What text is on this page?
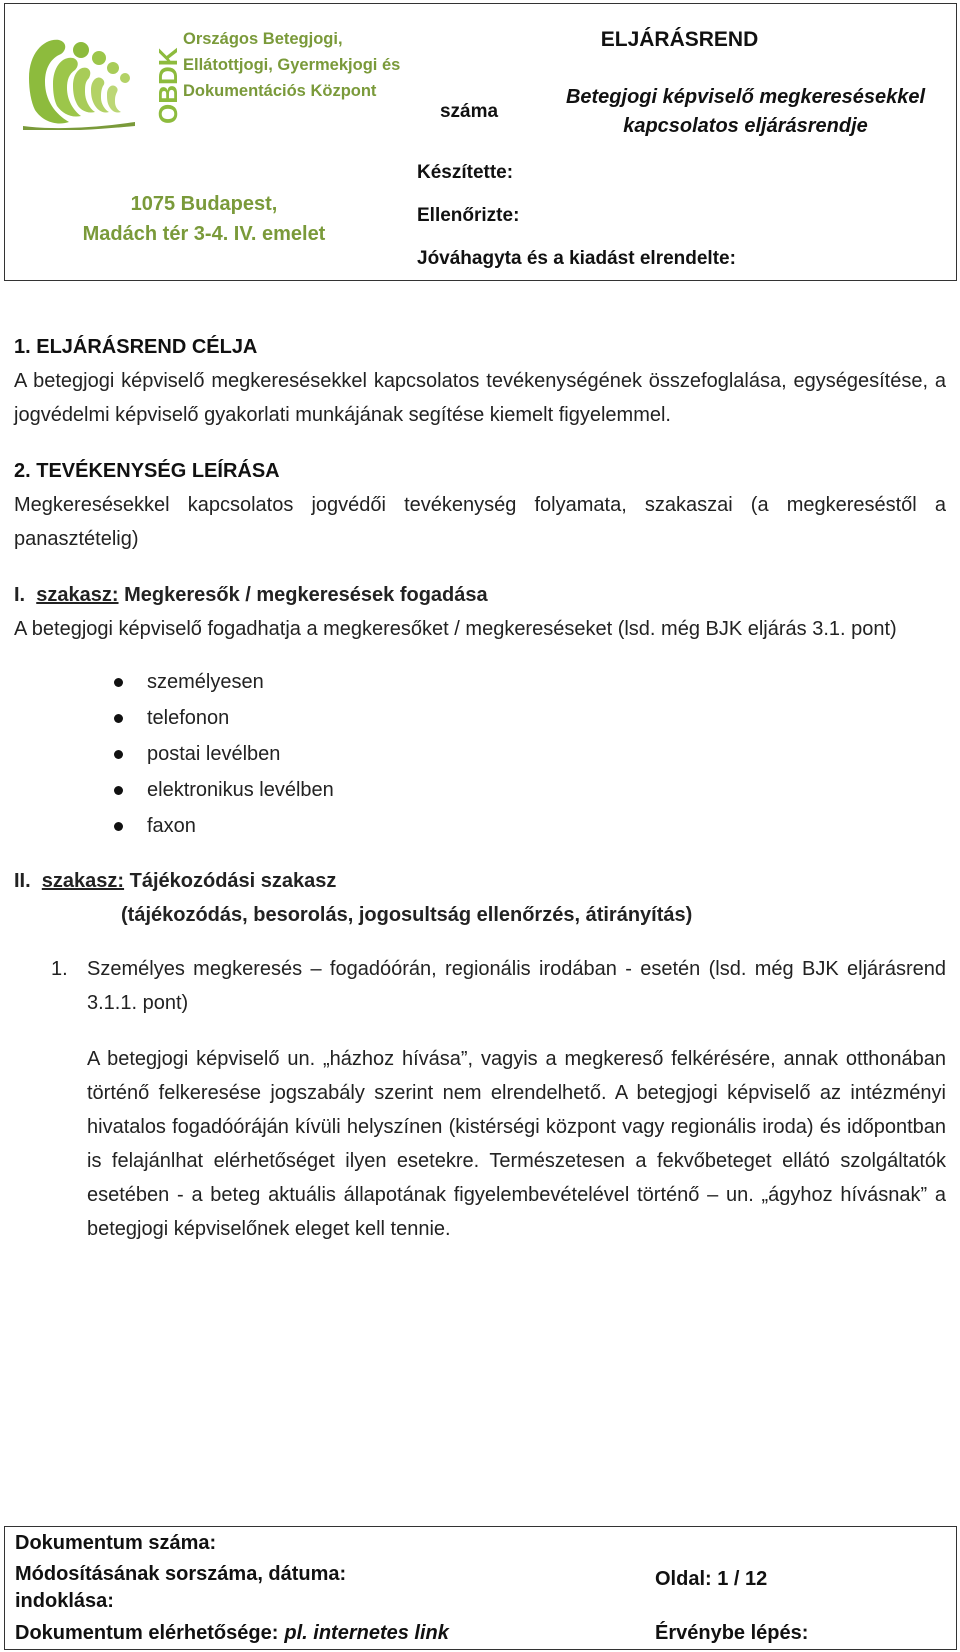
OBDK
Országos Betegjogi,
Ellátottjogi, Gyermekjogi és
Dokumentációs Központ
1075 Budapest,
Madách tér 3-4. IV. emelet
ELJÁRÁSREND
száma
Betegjogi képviselő megkeresésekkel
kapcsolatos eljárásrendje
Készítette:
Ellenőrizte:
Jóváhagyta és a kiadást elrendelte:
1. ELJÁRÁSREND CÉLJA
A betegjogi képviselő megkeresésekkel kapcsolatos tevékenységének összefoglalása, egységesítése, a jogvédelmi képviselő gyakorlati munkájának segítése kiemelt figyelemmel.
2. TEVÉKENYSÉG LEÍRÁSA
Megkeresésekkel kapcsolatos jogvédői tevékenység folyamata, szakaszai (a megkereséstől a panasztételig)
I. szakasz: Megkeresők / megkeresések fogadása
A betegjogi képviselő fogadhatja a megkeresőket / megkereséseket (lsd. még BJK eljárás 3.1. pont)
személyesen
telefonon
postai levélben
elektronikus levélben
faxon
II. szakasz: Tájékozódási szakasz
(tájékozódás, besorolás, jogosultság ellenőrzés, átirányítás)
1. Személyes megkeresés – fogadóórán, regionális irodában - esetén (lsd. még BJK eljárásrend 3.1.1. pont)
A betegjogi képviselő un. „házhoz hívása”, vagyis a megkereső felkérésére, annak otthonában történő felkeresése jogszabály szerint nem elrendelhető. A betegjogi képviselő az intézményi hivatalos fogadóóráján kívüli helyszínen (kistérségi központ vagy regionális iroda) és időpontban is felajánlhat elérhetőséget ilyen esetekre. Természetesen a fekvőbeteget ellátó szolgáltatók esetében - a beteg aktuális állapotának figyelembevételével történő – un. „ágyhoz hívásnak” a betegjogi képviselőnek eleget kell tennie.
Dokumentum száma:
Módosításának sorszáma, dátuma:
indoklása:
Oldal: 1 / 12
Dokumentum elérhetősége: pl. internetes link	Érvénybe lépés:
